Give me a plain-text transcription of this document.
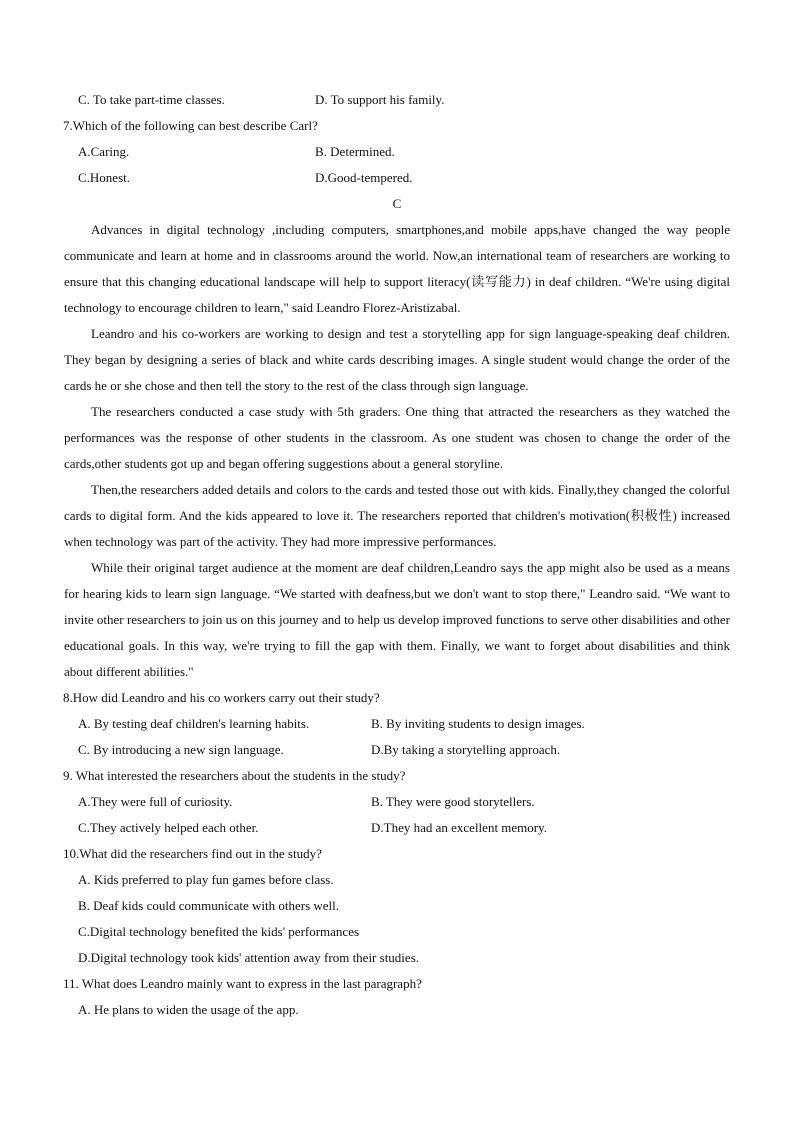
C. To take part-time classes.	D. To support his family.
7.Which of the following can best describe Carl?
A.Caring.	B. Determined.
C.Honest.	D.Good-tempered.
C

Advances in digital technology ,including computers, smartphones,and mobile apps,have changed the way people communicate and learn at home and in classrooms around the world. Now,an international team of researchers are working to ensure that this changing educational landscape will help to support literacy(读写能力) in deaf children. “We're using digital technology to encourage children to learn," said Leandro Florez-Aristizabal.

Leandro and his co-workers are working to design and test a storytelling app for sign language-speaking deaf children. They began by designing a series of black and white cards describing images. A single student would change the order of the cards he or she chose and then tell the story to the rest of the class through sign language.

The researchers conducted a case study with 5th graders. One thing that attracted the researchers as they watched the performances was the response of other students in the classroom. As one student was chosen to change the order of the cards,other students got up and began offering suggestions about a general storyline.

Then,the researchers added details and colors to the cards and tested those out with kids. Finally,they changed the colorful cards to digital form. And the kids appeared to love it. The researchers reported that children's motivation(积极性) increased when technology was part of the activity. They had more impressive performances.

While their original target audience at the moment are deaf children,Leandro says the app might also be used as a means for hearing kids to learn sign language. “We started with deafness,but we don't want to stop there," Leandro said. “We want to invite other researchers to join us on this journey and to help us develop improved functions to serve other disabilities and other educational goals. In this way, we're trying to fill the gap with them. Finally, we want to forget about disabilities and think about different abilities."

8.How did Leandro and his co workers carry out their study?
A. By testing deaf children's learning habits.	B. By inviting students to design images.
C. By introducing a new sign language.	D.By taking a storytelling approach.
9. What interested the researchers about the students in the study?
A.They were full of curiosity.	B. They were good storytellers.
C.They actively helped each other.	D.They had an excellent memory.
10.What did the researchers find out in the study?
A. Kids preferred to play fun games before class.
B. Deaf kids could communicate with others well.
C.Digital technology benefited the kids' performances
D.Digital technology took kids' attention away from their studies.
11. What does Leandro mainly want to express in the last paragraph?
A. He plans to widen the usage of the app.
